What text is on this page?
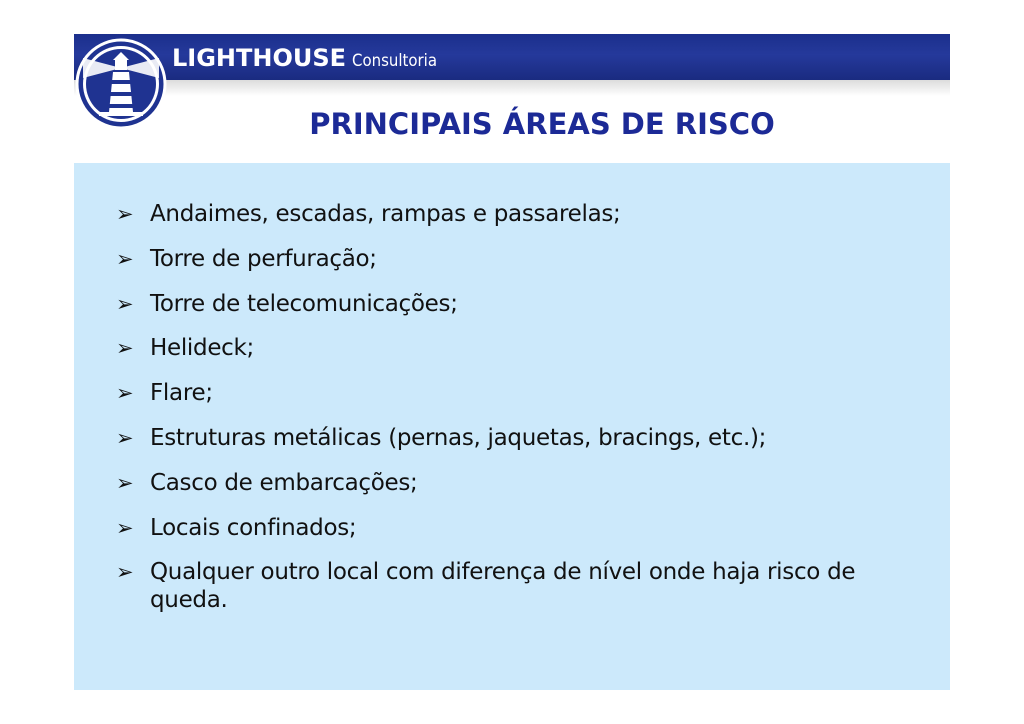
LIGHTHOUSE Consultoria
PRINCIPAIS ÁREAS DE RISCO
➢ Andaimes, escadas, rampas e passarelas;
➢ Torre de perfuração;
➢ Torre de telecomunicações;
➢ Helideck;
➢ Flare;
➢ Estruturas metálicas (pernas, jaquetas, bracings, etc.);
➢ Casco de embarcações;
➢ Locais confinados;
➢ Qualquer outro local com diferença de nível onde haja risco de queda.
